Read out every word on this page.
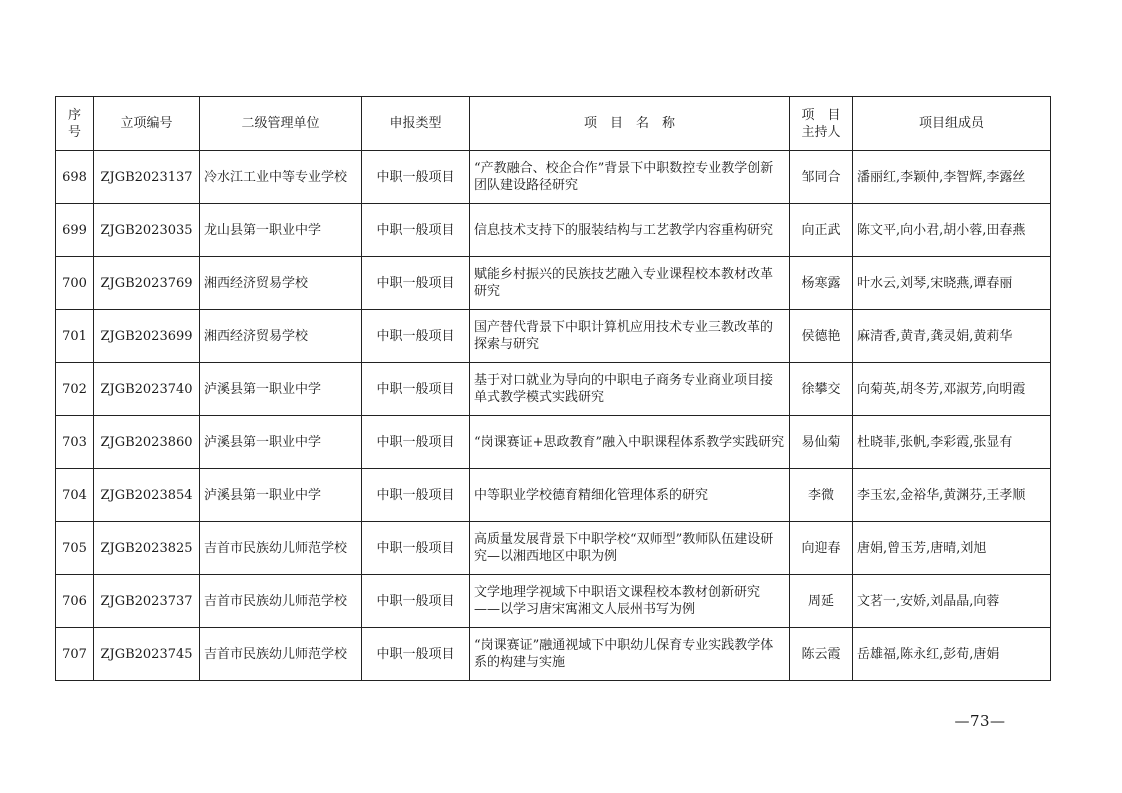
序号	立项编号	二级管理单位	申报类型	项　目　名　称	项　目主持人	项目组成员
698	ZJGB2023137	冷水江工业中等专业学校	中职一般项目	“产教融合、校企合作”背景下中职数控专业教学创新团队建设路径研究	邹同合	潘丽红,李颖仲,李智辉,李露丝
699	ZJGB2023035	龙山县第一职业中学	中职一般项目	信息技术支持下的服装结构与工艺教学内容重构研究	向正武	陈文平,向小君,胡小蓉,田春燕
700	ZJGB2023769	湘西经济贸易学校	中职一般项目	赋能乡村振兴的民族技艺融入专业课程校本教材改革研究	杨寒露	叶水云,刘琴,宋晓燕,谭春丽
701	ZJGB2023699	湘西经济贸易学校	中职一般项目	国产替代背景下中职计算机应用技术专业三教改革的探索与研究	侯德艳	麻清香,黄青,龚灵娟,黄莉华
702	ZJGB2023740	泸溪县第一职业中学	中职一般项目	基于对口就业为导向的中职电子商务专业商业项目接单式教学模式实践研究	徐攀交	向菊英,胡冬芳,邓淑芳,向明霞
703	ZJGB2023860	泸溪县第一职业中学	中职一般项目	“岗课赛证+思政教育”融入中职课程体系教学实践研究	易仙菊	杜晓菲,张帆,李彩霞,张显有
704	ZJGB2023854	泸溪县第一职业中学	中职一般项目	中等职业学校德育精细化管理体系的研究	李微	李玉宏,金裕华,黄渊芬,王孝顺
705	ZJGB2023825	吉首市民族幼儿师范学校	中职一般项目	高质量发展背景下中职学校“双师型”教师队伍建设研究—以湘西地区中职为例	向迎春	唐娟,曾玉芳,唐晴,刘旭
706	ZJGB2023737	吉首市民族幼儿师范学校	中职一般项目	文学地理学视域下中职语文课程校本教材创新研究　——以学习唐宋寓湘文人辰州书写为例	周延	文茗一,安娇,刘晶晶,向蓉
707	ZJGB2023745	吉首市民族幼儿师范学校	中职一般项目	“岗课赛证”融通视域下中职幼儿保育专业实践教学体系的构建与实施	陈云霞	岳雄福,陈永红,彭荀,唐娟
—73—
